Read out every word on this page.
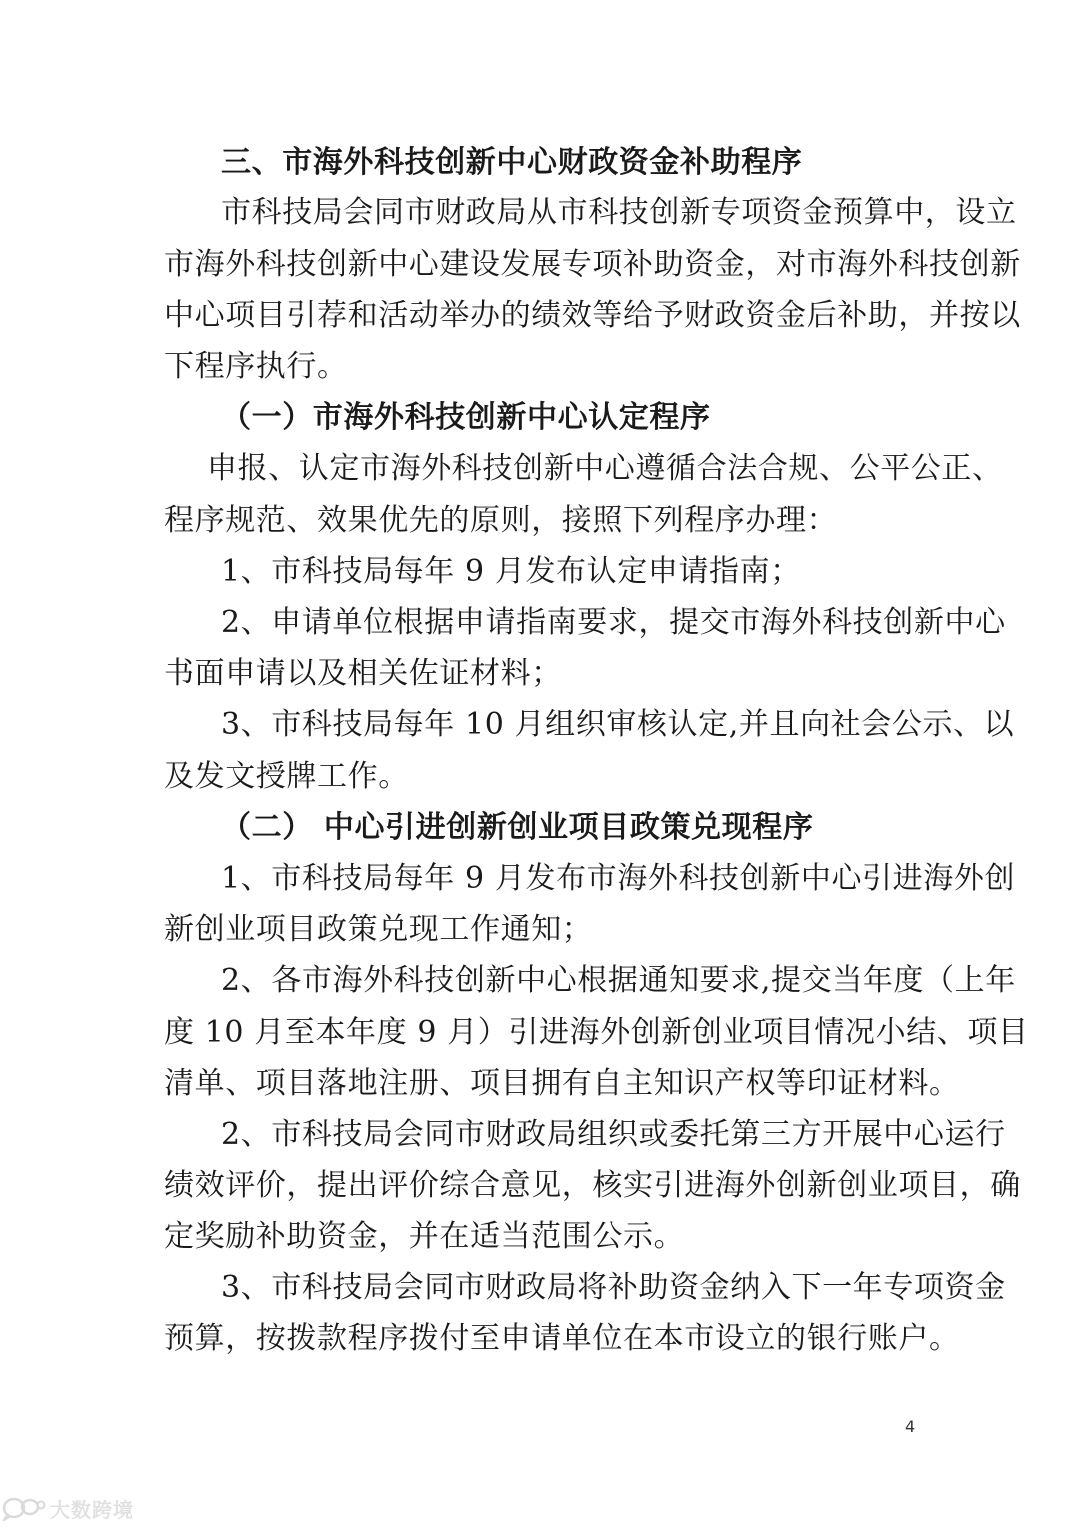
三、市海外科技创新中心财政资金补助程序
市科技局会同市财政局从市科技创新专项资金预算中，设立
市海外科技创新中心建设发展专项补助资金，对市海外科技创新
中心项目引荐和活动举办的绩效等给予财政资金后补助，并按以
下程序执行。
（一）市海外科技创新中心认定程序
申报、认定市海外科技创新中心遵循合法合规、公平公正、
程序规范、效果优先的原则，接照下列程序办理：
1、市科技局每年 9 月发布认定申请指南；
2、申请单位根据申请指南要求，提交市海外科技创新中心
书面申请以及相关佐证材料；
3、市科技局每年 10 月组织审核认定,并且向社会公示、以
及发文授牌工作。
（二） 中心引进创新创业项目政策兑现程序
1、市科技局每年 9 月发布市海外科技创新中心引进海外创
新创业项目政策兑现工作通知；
2、各市海外科技创新中心根据通知要求,提交当年度（上年
度 10 月至本年度 9 月）引进海外创新创业项目情况小结、项目
清单、项目落地注册、项目拥有自主知识产权等印证材料。
2、市科技局会同市财政局组织或委托第三方开展中心运行
绩效评价，提出评价综合意见，核实引进海外创新创业项目，确
定奖励补助资金，并在适当范围公示。
3、市科技局会同市财政局将补助资金纳入下一年专项资金
预算，按拨款程序拨付至申请单位在本市设立的银行账户。
4
大数跨境
